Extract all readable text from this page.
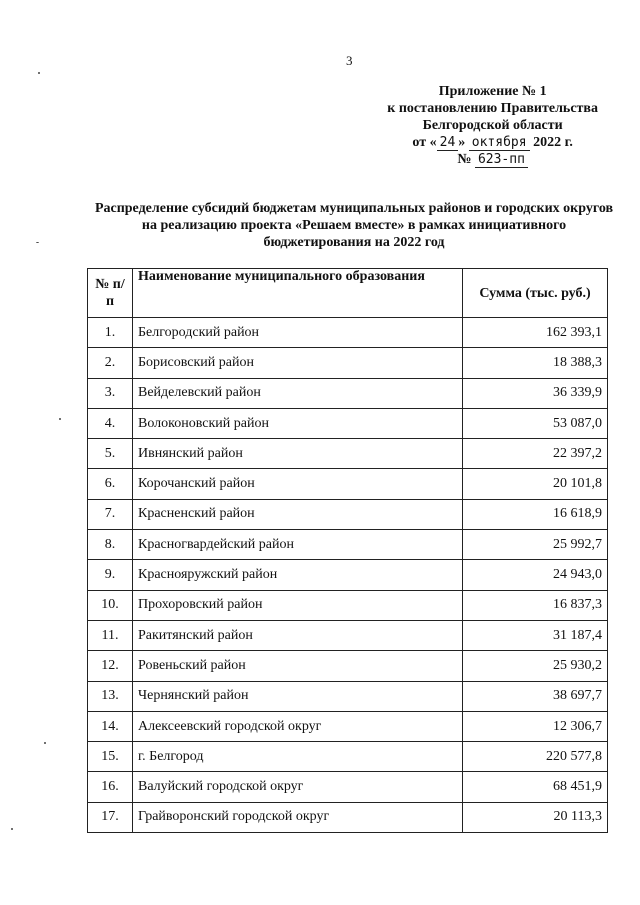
3
Приложение № 1
к постановлению Правительства
Белгородской области
от « 24 » октября 2022 г.
№ 623-пп
Распределение субсидий бюджетам муниципальных районов и городских округов на реализацию проекта «Решаем вместе» в рамках инициативного бюджетирования на 2022 год
№ п/п	Наименование муниципального образования	Сумма (тыс. руб.)
1.	Белгородский район	162 393,1
2.	Борисовский район	18 388,3
3.	Вейделевский район	36 339,9
4.	Волоконовский район	53 087,0
5.	Ивнянский район	22 397,2
6.	Корочанский район	20 101,8
7.	Красненский район	16 618,9
8.	Красногвардейский район	25 992,7
9.	Краснояружский район	24 943,0
10.	Прохоровский район	16 837,3
11.	Ракитянский район	31 187,4
12.	Ровеньский район	25 930,2
13.	Чернянский район	38 697,7
14.	Алексеевский городской округ	12 306,7
15.	г. Белгород	220 577,8
16.	Валуйский городской округ	68 451,9
17.	Грайворонский городской округ	20 113,3
